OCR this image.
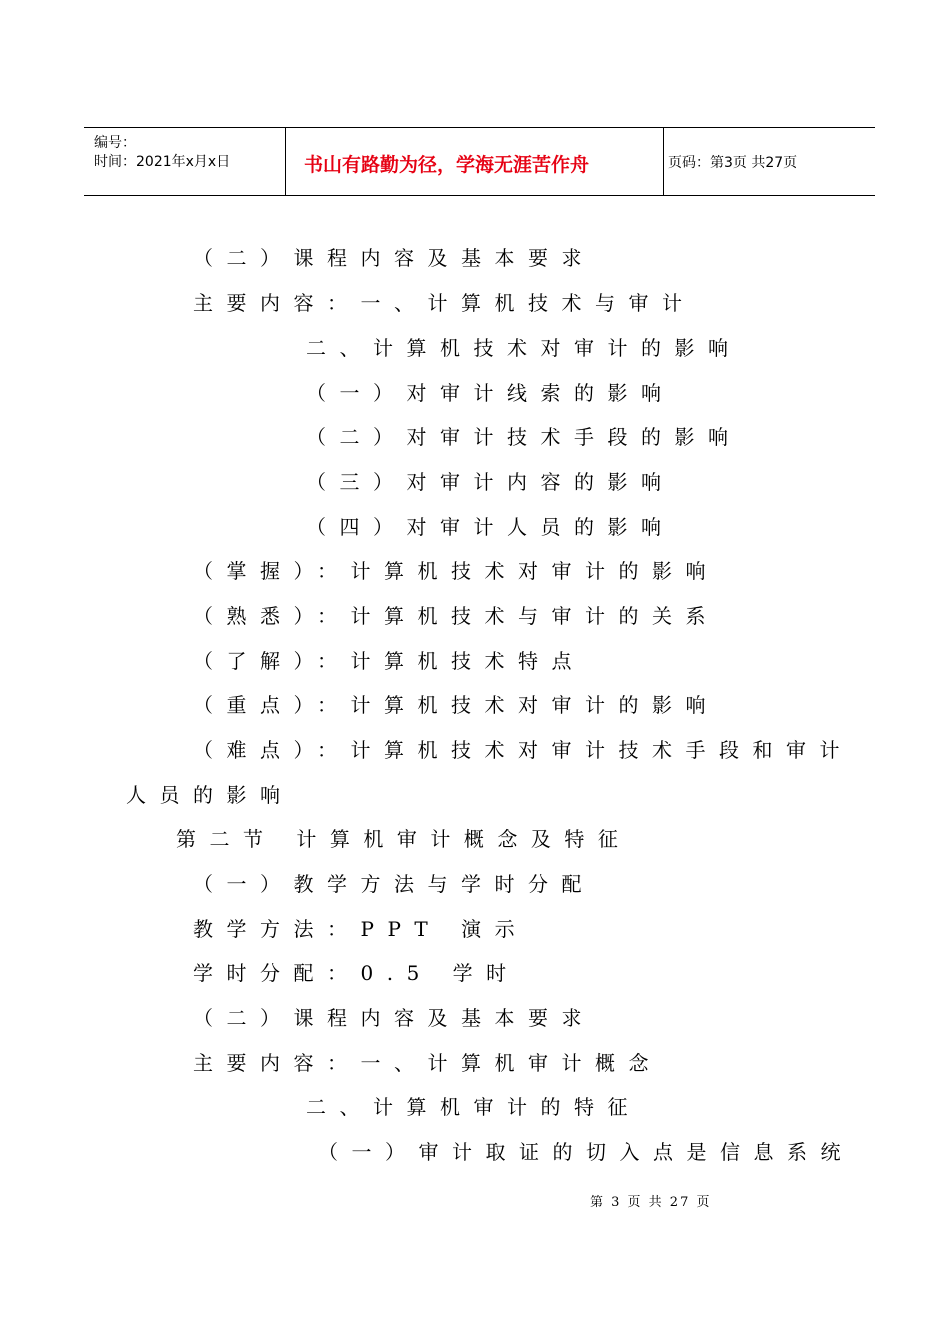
编号：
时间：2021年x月x日	书山有路勤为径，学海无涯苦作舟	页码：第3页 共27页
（二）课程内容及基本要求
主要内容：一、计算机技术与审计
二、计算机技术对审计的影响
（一）对审计线索的影响
（二）对审计技术手段的影响
（三）对审计内容的影响
（四）对审计人员的影响
（掌握）：计算机技术对审计的影响
（熟悉）：计算机技术与审计的关系
（了解）：计算机技术特点
（重点）：计算机技术对审计的影响
（难点）：计算机技术对审计技术手段和审计
人员的影响
第二节 计算机审计概念及特征
（一）教学方法与学时分配
教学方法：PPT 演示
学时分配：0.5 学时
（二）课程内容及基本要求
主要内容：一、计算机审计概念
二、计算机审计的特征
（一）审计取证的切入点是信息系统
第 3 页 共 27 页
